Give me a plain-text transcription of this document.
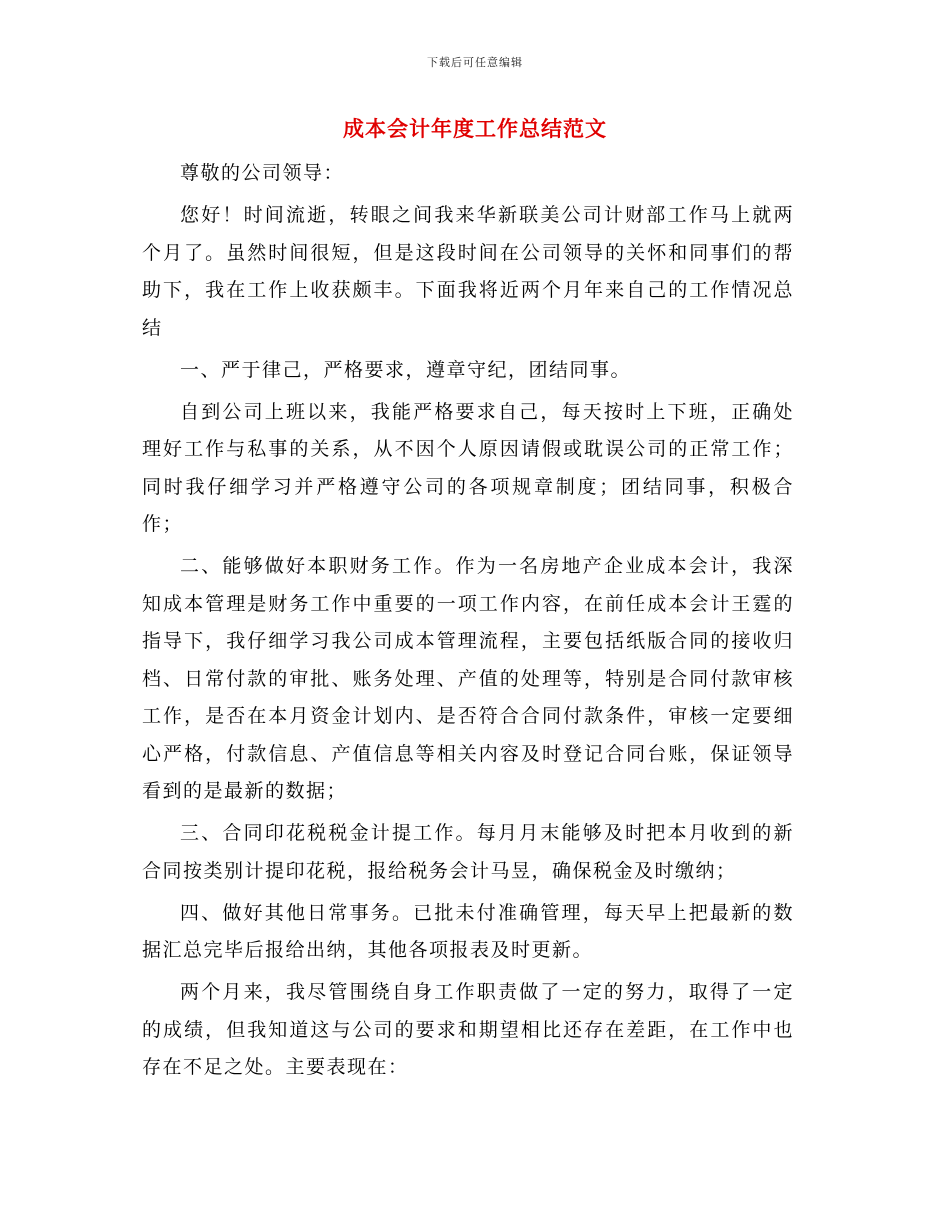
下载后可任意编辑
成本会计年度工作总结范文

尊敬的公司领导：

您好！时间流逝，转眼之间我来华新联美公司计财部工作马上就两个月了。虽然时间很短，但是这段时间在公司领导的关怀和同事们的帮助下，我在工作上收获颇丰。下面我将近两个月年来自己的工作情况总结

一、严于律己，严格要求，遵章守纪，团结同事。

自到公司上班以来，我能严格要求自己，每天按时上下班，正确处理好工作与私事的关系，从不因个人原因请假或耽误公司的正常工作；同时我仔细学习并严格遵守公司的各项规章制度；团结同事，积极合作；

二、能够做好本职财务工作。作为一名房地产企业成本会计，我深知成本管理是财务工作中重要的一项工作内容，在前任成本会计王霆的指导下，我仔细学习我公司成本管理流程，主要包括纸版合同的接收归档、日常付款的审批、账务处理、产值的处理等，特别是合同付款审核工作，是否在本月资金计划内、是否符合合同付款条件，审核一定要细心严格，付款信息、产值信息等相关内容及时登记合同台账，保证领导看到的是最新的数据；

三、合同印花税税金计提工作。每月月末能够及时把本月收到的新合同按类别计提印花税，报给税务会计马昱，确保税金及时缴纳；

四、做好其他日常事务。已批未付准确管理，每天早上把最新的数据汇总完毕后报给出纳，其他各项报表及时更新。

两个月来，我尽管围绕自身工作职责做了一定的努力，取得了一定的成绩，但我知道这与公司的要求和期望相比还存在差距，在工作中也存在不足之处。主要表现在：
